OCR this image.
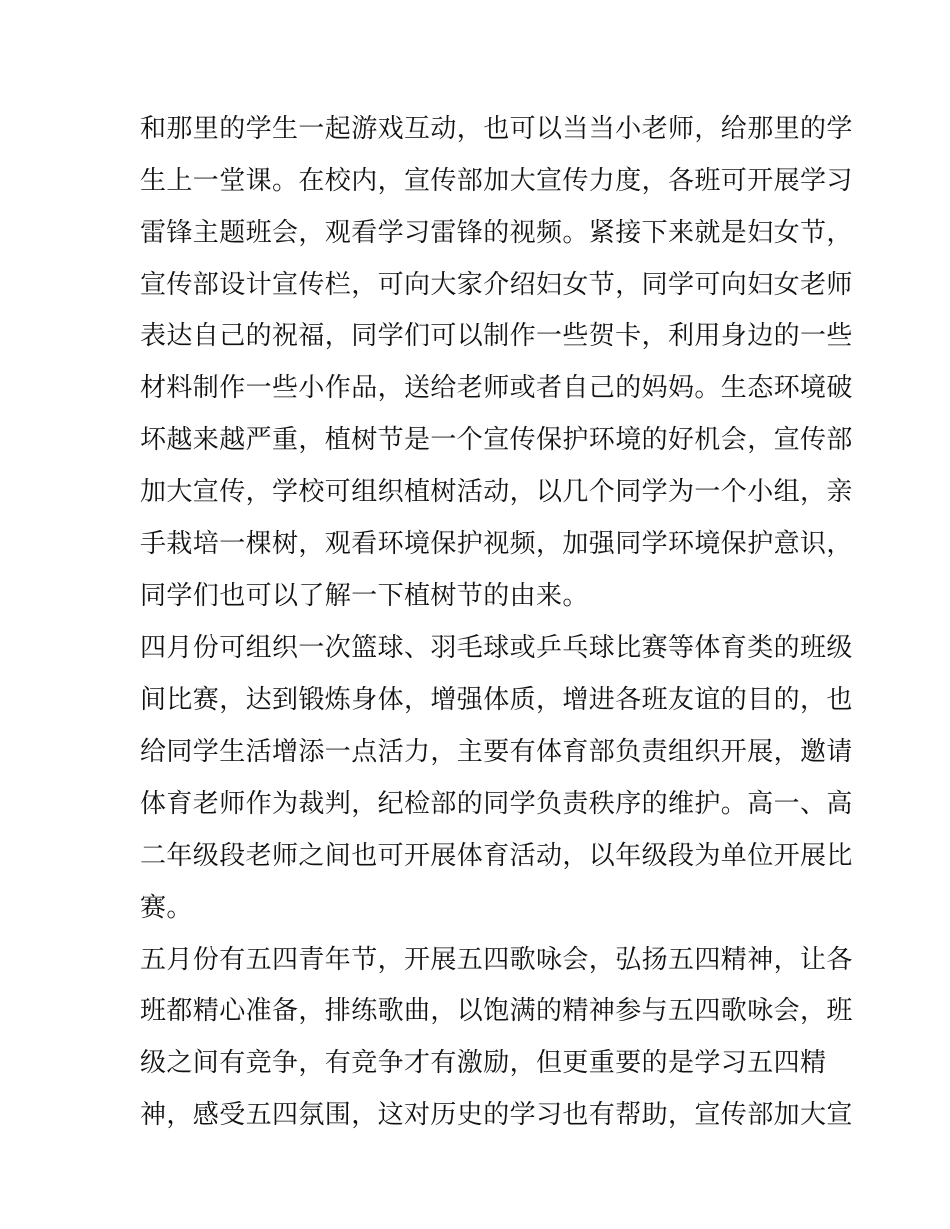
和那里的学生一起游戏互动，也可以当当小老师，给那里的学
生上一堂课。在校内，宣传部加大宣传力度，各班可开展学习
雷锋主题班会，观看学习雷锋的视频。紧接下来就是妇女节，
宣传部设计宣传栏，可向大家介绍妇女节，同学可向妇女老师
表达自己的祝福，同学们可以制作一些贺卡，利用身边的一些
材料制作一些小作品，送给老师或者自己的妈妈。生态环境破
坏越来越严重，植树节是一个宣传保护环境的好机会，宣传部
加大宣传，学校可组织植树活动，以几个同学为一个小组，亲
手栽培一棵树，观看环境保护视频，加强同学环境保护意识，
同学们也可以了解一下植树节的由来。
四月份可组织一次篮球、羽毛球或乒乓球比赛等体育类的班级
间比赛，达到锻炼身体，增强体质，增进各班友谊的目的，也
给同学生活增添一点活力，主要有体育部负责组织开展，邀请
体育老师作为裁判，纪检部的同学负责秩序的维护。高一、高
二年级段老师之间也可开展体育活动，以年级段为单位开展比
赛。
五月份有五四青年节，开展五四歌咏会，弘扬五四精神，让各
班都精心准备，排练歌曲，以饱满的精神参与五四歌咏会，班
级之间有竞争，有竞争才有激励，但更重要的是学习五四精
神，感受五四氛围，这对历史的学习也有帮助，宣传部加大宣
